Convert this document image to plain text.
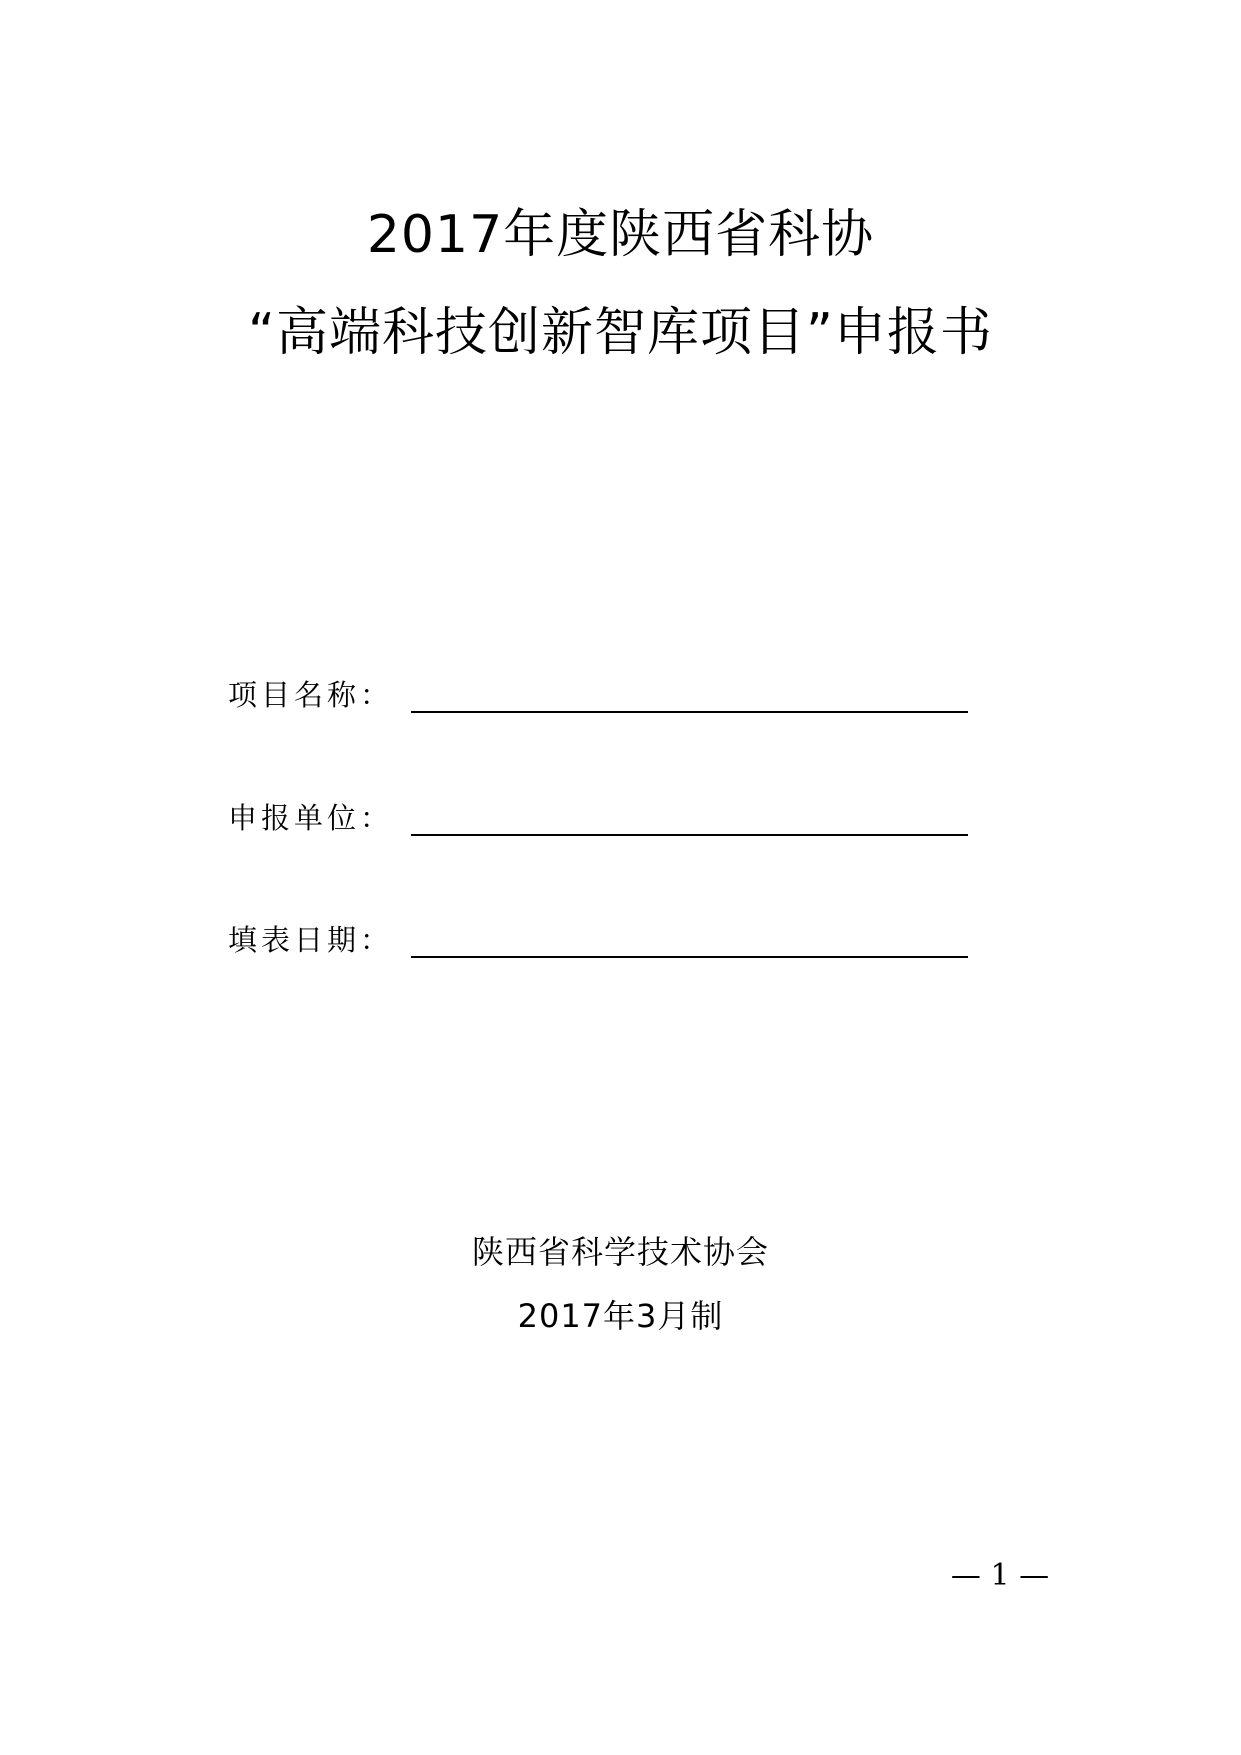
2017年度陕西省科协
“高端科技创新智库项目”申报书
项目名称：
申报单位：
填表日期：
陕西省科学技术协会
2017年3月制
— 1 —
